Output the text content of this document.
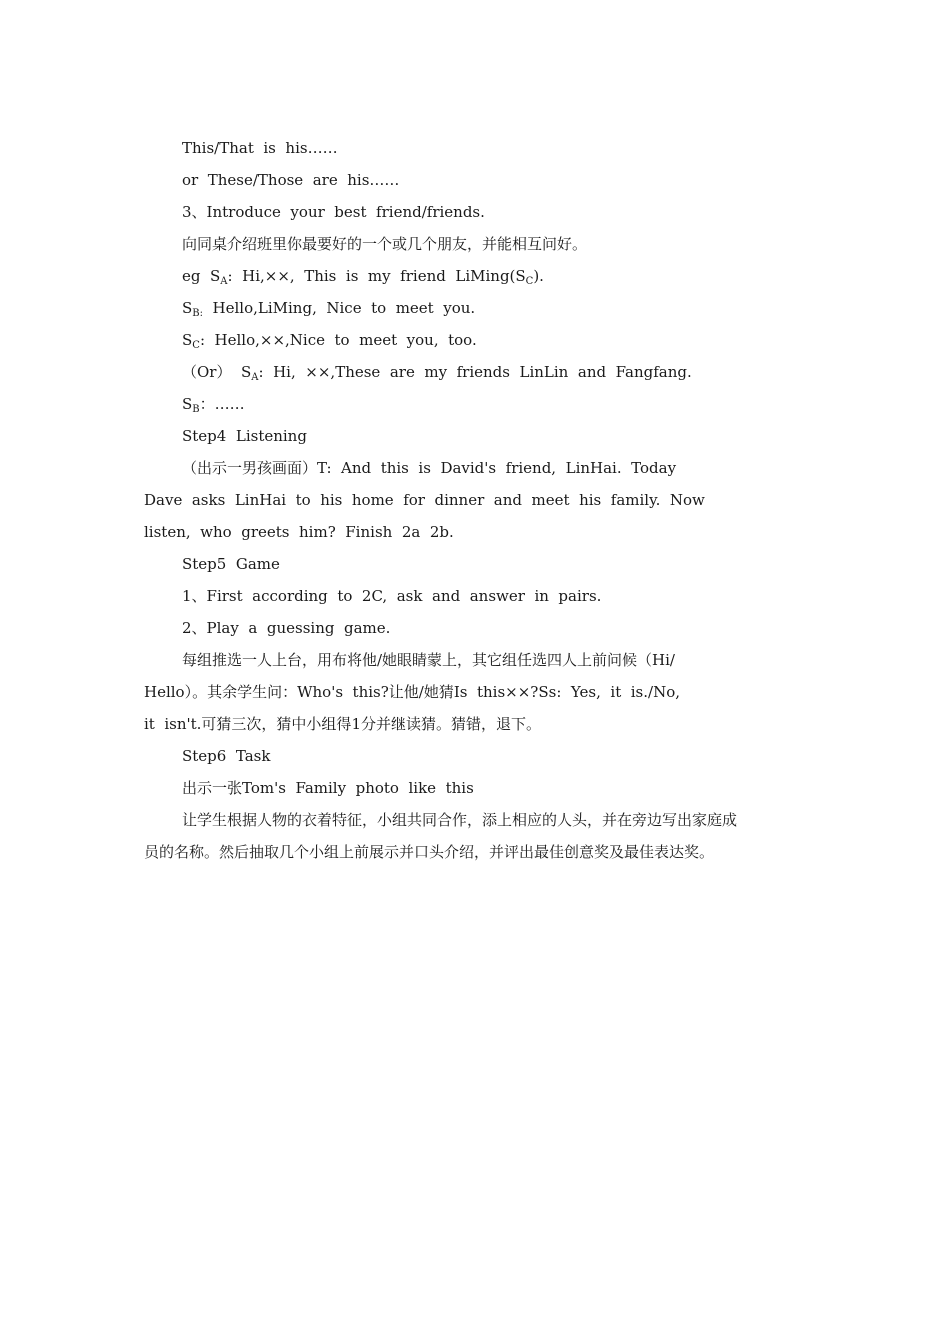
This/That  is  his……
or  These/Those  are  his……
3、Introduce  your  best  friend/friends.
向同桌介绍班里你最要好的一个或几个朋友，并能相互问好。
eg  $S_A$:  Hi,××,  This  is  my  friend  $LiMing(S_C)$.
$S_{B:}$  Hello,LiMing,  Nice  to  meet  you.
$S_C$:  Hello,××,Nice  to  meet  you,  too.
（Or）  $S_A$:  Hi,  ××,These  are  my  friends  LinLin  and  Fangfang.
$S_B$：……
Step4  Listening
（出示一男孩画面）T:  And  this  is  David's  friend,  LinHai.  Today
Dave  asks  LinHai  to  his  home  for  dinner  and  meet  his  family.  Now
listen,  who  greets  him?  Finish  2a  2b.
Step5  Game
1、First  according  to  2C,  ask  and  answer  in  pairs.
2、Play  a  guessing  game.
每组推选一人上台，用布将他/她眼睛蒙上，其它组任选四人上前问候（Hi/
Hello）。其余学生问：Who's  this?让他/她猜Is  this××?Ss:  Yes,  it  is./No,
it  isn't.可猜三次，猜中小组得1分并继读猜。猜错，退下。
Step6  Task
出示一张Tom's  Family  photo  like  this
让学生根据人物的衣着特征，小组共同合作，添上相应的人头，并在旁边写出家庭成
员的名称。然后抽取几个小组上前展示并口头介绍，并评出最佳创意奖及最佳表达奖。
